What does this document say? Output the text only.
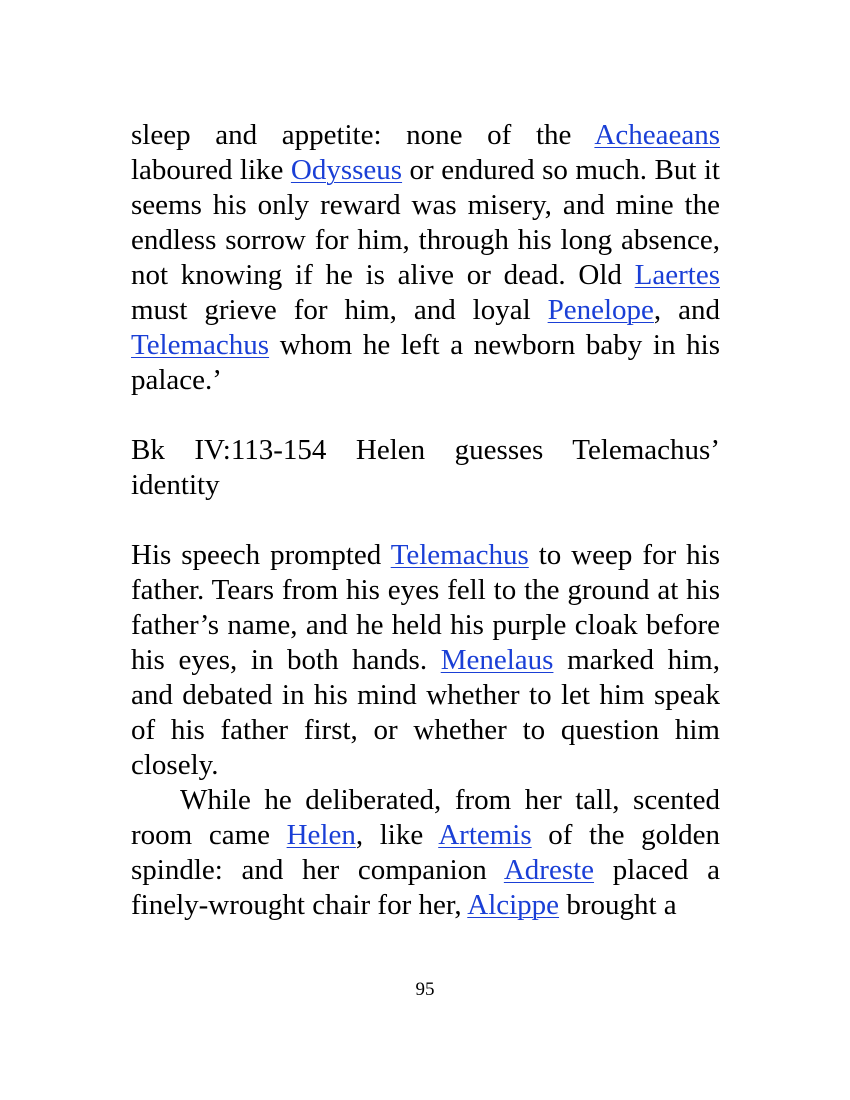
sleep and appetite: none of the Acheaeans laboured like Odysseus or endured so much. But it seems his only reward was misery, and mine the endless sorrow for him, through his long absence, not knowing if he is alive or dead. Old Laertes must grieve for him, and loyal Penelope, and Telemachus whom he left a newborn baby in his palace.’

Bk IV:113-154 Helen guesses Telemachus’ identity

His speech prompted Telemachus to weep for his father. Tears from his eyes fell to the ground at his father’s name, and he held his purple cloak before his eyes, in both hands. Menelaus marked him, and debated in his mind whether to let him speak of his father first, or whether to question him closely.

While he deliberated, from her tall, scented room came Helen, like Artemis of the golden spindle: and her companion Adreste placed a finely-wrought chair for her, Alcippe brought a

95
